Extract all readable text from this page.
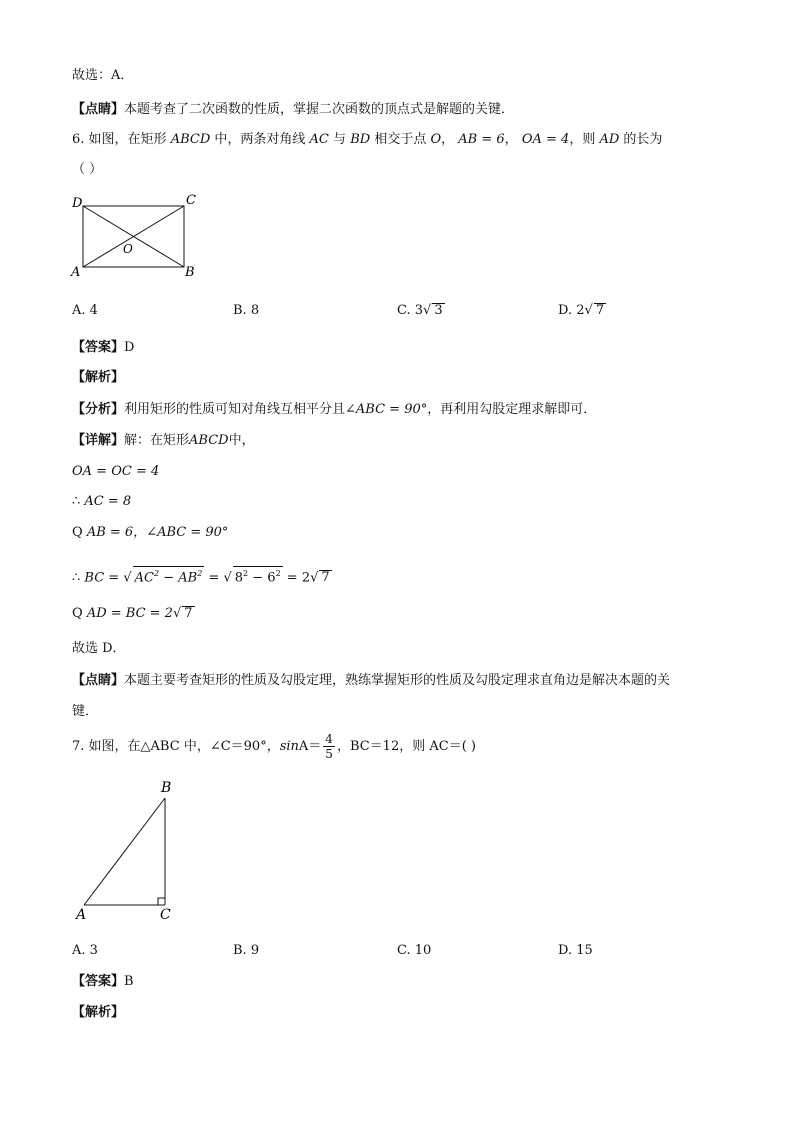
故选：A．
【点睛】本题考查了二次函数的性质，掌握二次函数的顶点式是解题的关键．
6. 如图，在矩形 ABCD 中，两条对角线 AC 与 BD 相交于点 O， AB = 6， OA = 4，则 AD 的长为
（ ）
D	C
O
A	B
A. 4	B. 8	C. 3√ 3	D. 2√ 7
【答案】D
【解析】
【分析】利用矩形的性质可知对角线互相平分且∠ABC = 90°，再利用勾股定理求解即可．
【详解】解：在矩形ABCD中，
OA = OC = 4
∴ AC = 8
Q AB = 6，∠ABC = 90°
∴ BC = √ $AC^2 - AB^2$ = √ $8^2 - 6^2 = 2√$ 7
Q AD = BC = 2√ 7
故选 D．
【点睛】本题主要考查矩形的性质及勾股定理，熟练掌握矩形的性质及勾股定理求直角边是解决本题的关
键．
7. 如图，在△ABC 中，∠C＝90°，$\sin A= \frac{4}{5}$ ，BC＝12，则 AC＝( )
B
A	C
A. 3	B. 9	C. 10	D. 15
【答案】B
【解析】
